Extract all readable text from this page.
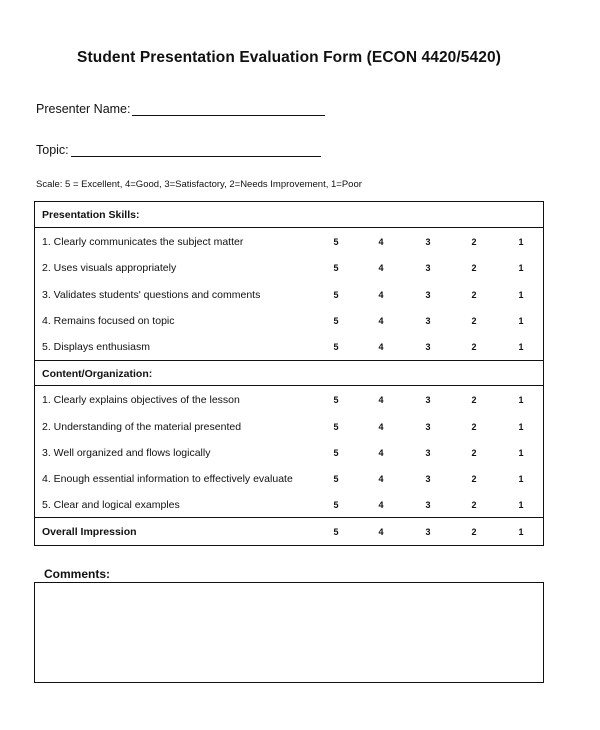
Student Presentation Evaluation Form (ECON 4420/5420)
Presenter Name:
Topic:
Scale: 5 = Excellent, 4=Good, 3=Satisfactory, 2=Needs Improvement, 1=Poor
Presentation Skills:
1. Clearly communicates the subject matter	5	4	3	2	1
2. Uses visuals appropriately	5	4	3	2	1
3. Validates students' questions and comments	5	4	3	2	1
4. Remains focused on topic	5	4	3	2	1
5. Displays enthusiasm	5	4	3	2	1
Content/Organization:
1. Clearly explains objectives of the lesson	5	4	3	2	1
2. Understanding of the material presented	5	4	3	2	1
3. Well organized and flows logically	5	4	3	2	1
4. Enough essential information to effectively evaluate	5	4	3	2	1
5. Clear and logical examples	5	4	3	2	1
Overall Impression	5	4	3	2	1
Comments:
